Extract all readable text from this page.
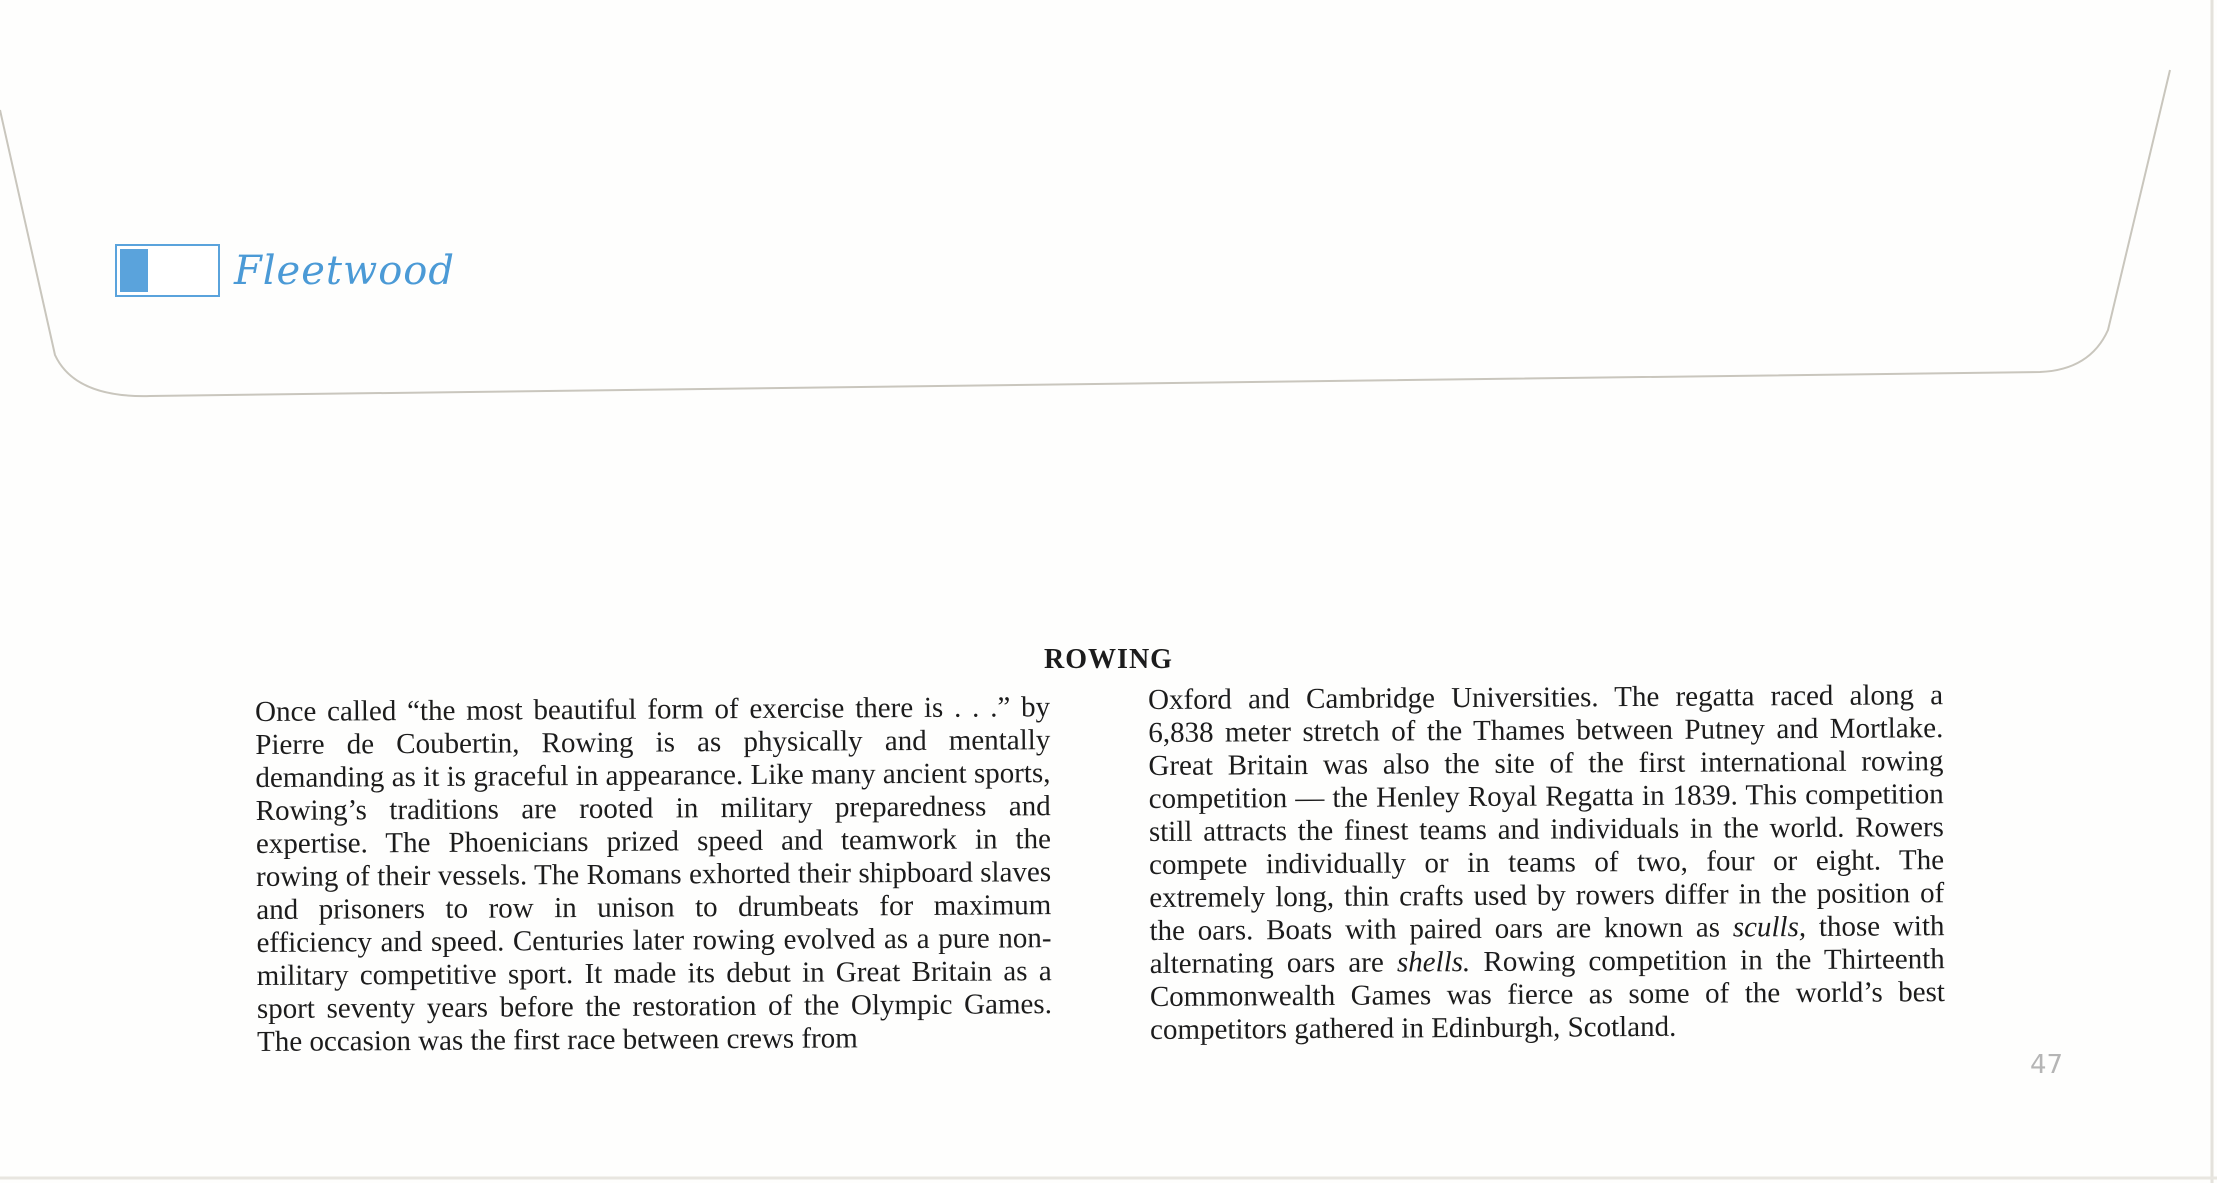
Fleetwood
ROWING

Once called “the most beautiful form of exercise there is . . .” by Pierre de Coubertin, Rowing is as physically and mentally demanding as it is graceful in appearance. Like many ancient sports, Rowing’s traditions are rooted in military preparedness and expertise. The Phoenicians prized speed and teamwork in the rowing of their vessels. The Romans exhorted their shipboard slaves and prisoners to row in unison to drumbeats for maximum efficiency and speed. Centuries later rowing evolved as a pure non-military competitive sport. It made its debut in Great Britain as a sport seventy years before the restoration of the Olympic Games. The occasion was the first race between crews from

Oxford and Cambridge Universities. The regatta raced along a 6,838 meter stretch of the Thames between Putney and Mortlake. Great Britain was also the site of the first international rowing competition — the Henley Royal Regatta in 1839. This competition still attracts the finest teams and individuals in the world. Rowers compete individually or in teams of two, four or eight. The extremely long, thin crafts used by rowers differ in the position of the oars. Boats with paired oars are known as sculls, those with alternating oars are shells. Rowing competition in the Thirteenth Commonwealth Games was fierce as some of the world’s best competitors gathered in Edinburgh, Scotland.

47
